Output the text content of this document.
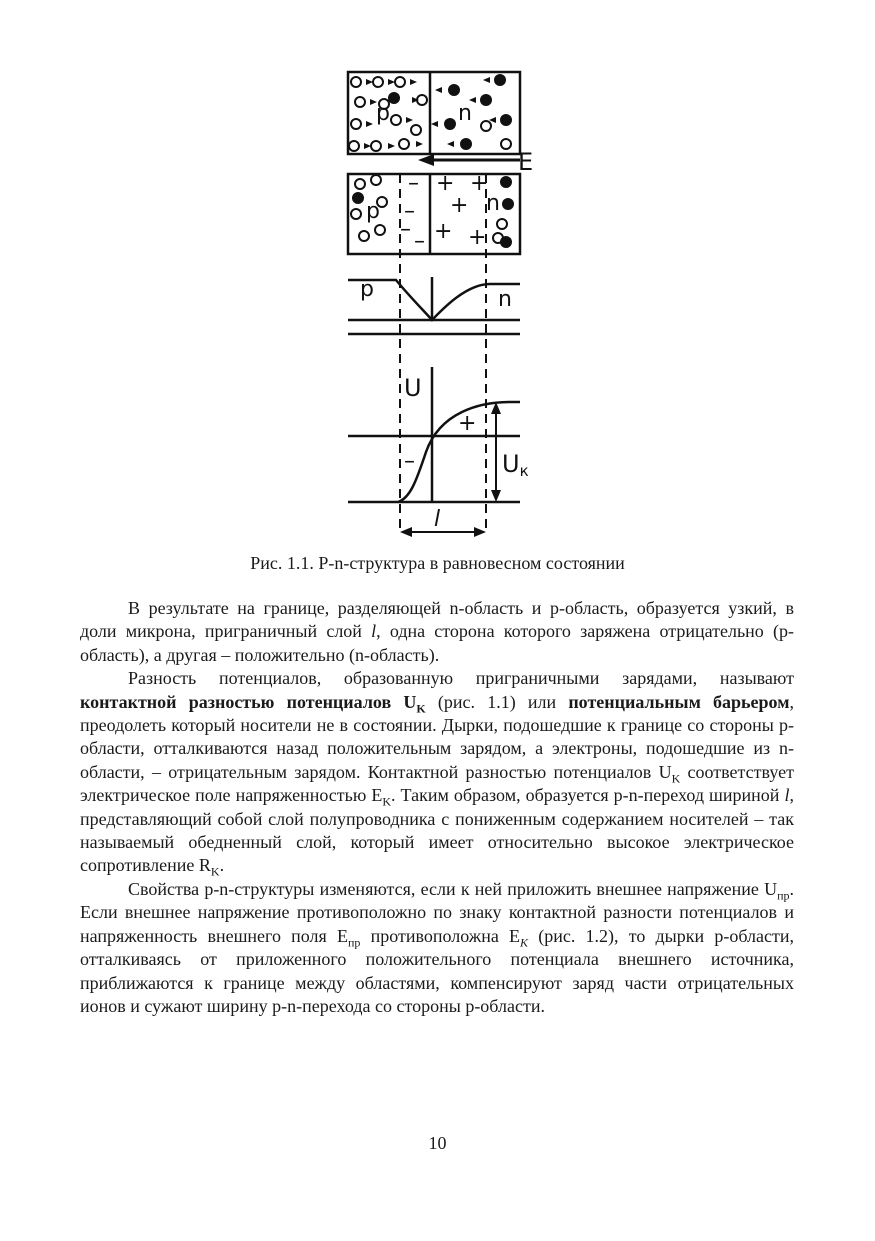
p	n
E
–
–
– –
+ +
+
+ +
p	n
p	n
U
+
–	Uк
l
Рис. 1.1. P-n-структура в равновесном состоянии

В результате на границе, разделяющей n-область и p-область, образуется узкий, в доли микрона, приграничный слой l, одна сторона которого заряжена отрицательно (p-область), а другая – положительно (n-область).

Разность потенциалов, образованную приграничными зарядами, называют контактной разностью потенциалов $U_K$ (рис. 1.1) или потенциальным барьером, преодолеть который носители не в состоянии. Дырки, подошедшие к границе со стороны p-области, отталкиваются назад положительным зарядом, а электроны, подошедшие из n-области, – отрицательным зарядом. Контактной разностью потенциалов $U_K$ соответствует электрическое поле напряженностью $E_K$. Таким образом, образуется p-n-переход шириной l, представляющий собой слой полупроводника с пониженным содержанием носителей – так называемый обедненный слой, который имеет относительно высокое электрическое сопротивление $R_K$.

Свойства p-n-структуры изменяются, если к ней приложить внешнее напряжение $U_{пр}$. Если внешнее напряжение противоположно по знаку контактной разности потенциалов и напряженность внешнего поля $E_{пр}$ противоположна $E_K$ (рис. 1.2), то дырки p-области, отталкиваясь от приложенного положительного потенциала внешнего источника, приближаются к границе между областями, компенсируют заряд части отрицательных ионов и сужают ширину p-n-перехода со стороны p-области.

10
